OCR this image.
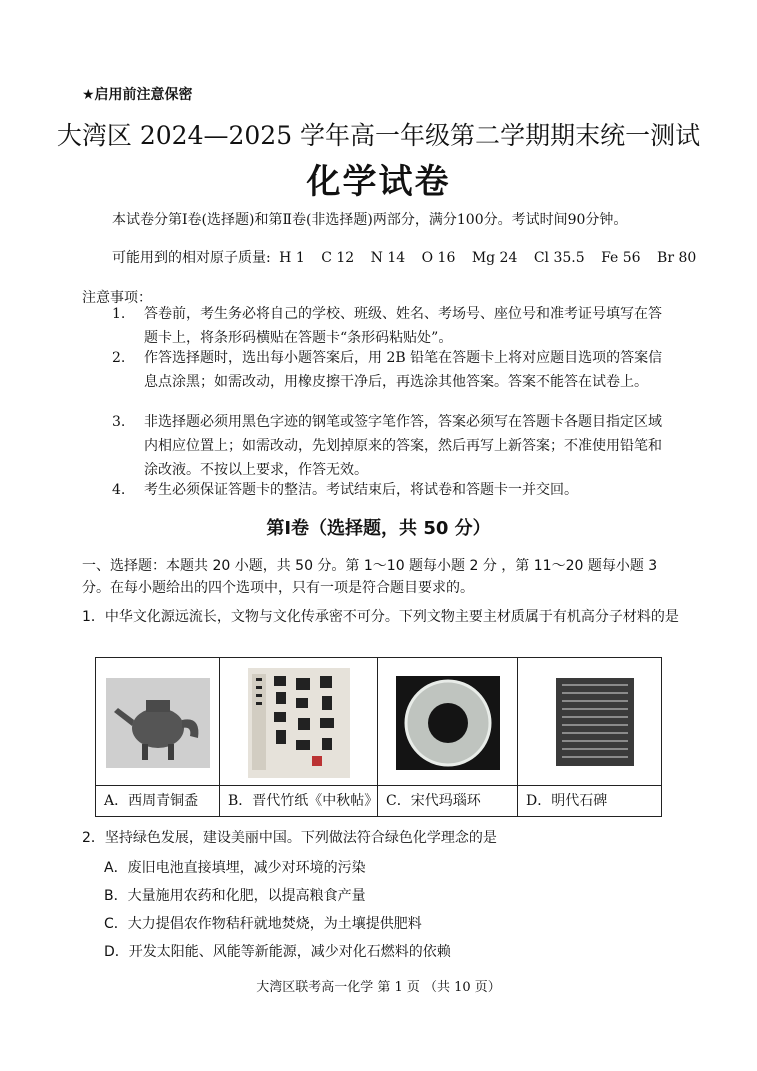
★启用前注意保密
大湾区 2024—2025 学年高一年级第二学期期末统一测试
化学试卷
本试卷分第Ⅰ卷(选择题)和第Ⅱ卷(非选择题)两部分，满分100分。考试时间90分钟。
可能用到的相对原子质量: H 1 C 12 N 14 O 16 Mg 24 Cl 35.5 Fe 56 Br 80
注意事项：
1.	答卷前，考生务必将自己的学校、班级、姓名、考场号、座位号和准考证号填写在答题卡上，将条形码横贴在答题卡“条形码粘贴处”。
2.	作答选择题时，选出每小题答案后，用 2B 铅笔在答题卡上将对应题目选项的答案信息点涂黑；如需改动，用橡皮擦干净后，再选涂其他答案。答案不能答在试卷上。
3.	非选择题必须用黑色字迹的钢笔或签字笔作答，答案必须写在答题卡各题目指定区域内相应位置上；如需改动，先划掉原来的答案，然后再写上新答案；不准使用铅笔和涂改液。不按以上要求，作答无效。
4.	考生必须保证答题卡的整洁。考试结束后，将试卷和答题卡一并交回。
第Ⅰ卷（选择题，共 50 分）
一、选择题：本题共 20 小题，共 50 分。第 1～10 题每小题 2 分 ，第 11～20 题每小题 3 分。在每小题给出的四个选项中，只有一项是符合题目要求的。
1．中华文化源远流长，文物与文化传承密不可分。下列文物主要主材质属于有机高分子材料的是
A．西周青铜盉	B．晋代竹纸《中秋帖》 C．宋代玛瑙环	D．明代石碑
2．坚持绿色发展，建设美丽中国。下列做法符合绿色化学理念的是
A．废旧电池直接填埋，减少对环境的污染
B．大量施用农药和化肥，以提高粮食产量
C．大力提倡农作物秸秆就地焚烧，为土壤提供肥料
D．开发太阳能、风能等新能源，减少对化石燃料的依赖
大湾区联考高一化学 第 1 页 （共 10 页）
